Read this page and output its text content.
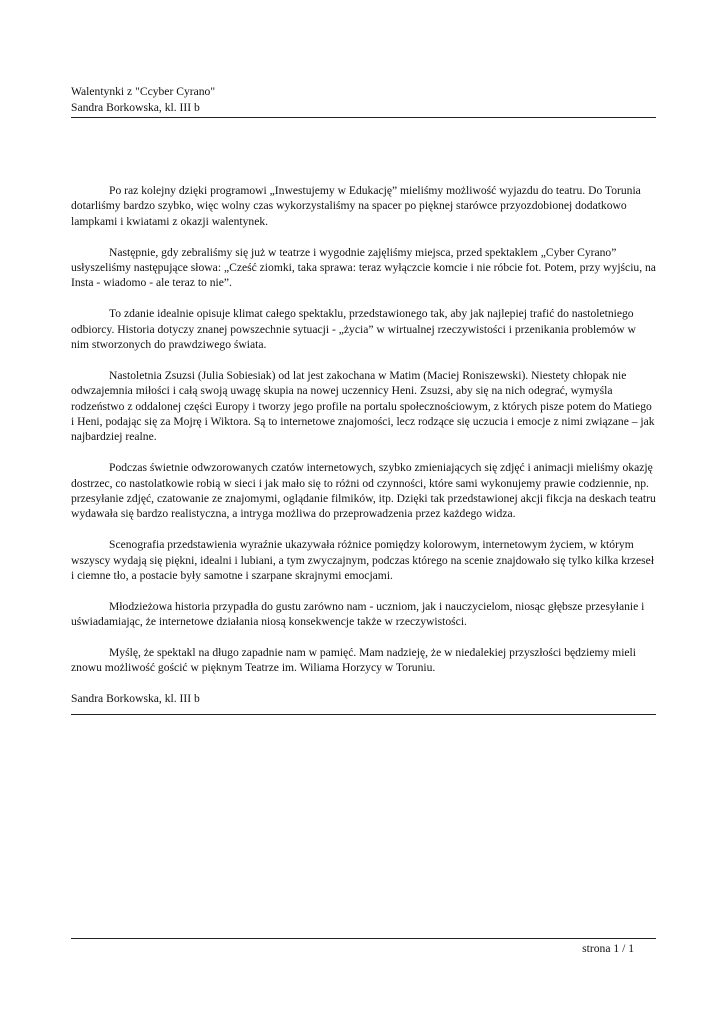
Walentynki z "Ccyber Cyrano"
Sandra Borkowska, kl. III b

Po raz kolejny dzięki programowi „Inwestujemy w Edukację” mieliśmy możliwość wyjazdu do teatru. Do Torunia dotarliśmy bardzo szybko, więc wolny czas wykorzystaliśmy na spacer po pięknej starówce przyozdobionej dodatkowo lampkami i kwiatami z okazji walentynek.

Następnie, gdy zebraliśmy się już w teatrze i wygodnie zajęliśmy miejsca, przed spektaklem „Cyber Cyrano” usłyszeliśmy następujące słowa: „Cześć ziomki, taka sprawa: teraz wyłączcie komcie i nie róbcie fot. Potem, przy wyjściu, na Insta - wiadomo - ale teraz to nie”.

To zdanie idealnie opisuje klimat całego spektaklu, przedstawionego tak, aby jak najlepiej trafić do nastoletniego odbiorcy. Historia dotyczy znanej powszechnie sytuacji - „życia” w wirtualnej rzeczywistości i przenikania problemów w nim stworzonych do prawdziwego świata.

Nastoletnia Zsuzsi (Julia Sobiesiak) od lat jest zakochana w Matim (Maciej Roniszewski). Niestety chłopak nie odwzajemnia miłości i całą swoją uwagę skupia na nowej uczennicy Heni. Zsuzsi, aby się na nich odegrać, wymyśla rodzeństwo z oddalonej części Europy i tworzy jego profile na portalu społecznościowym, z których pisze potem do Matiego i Heni, podając się za Mojrę i Wiktora. Są to internetowe znajomości, lecz rodzące się uczucia i emocje z nimi związane – jak najbardziej realne.

Podczas świetnie odwzorowanych czatów internetowych, szybko zmieniających się zdjęć i animacji mieliśmy okazję dostrzec, co nastolatkowie robią w sieci i jak mało się to różni od czynności, które sami wykonujemy prawie codziennie, np. przesyłanie zdjęć, czatowanie ze znajomymi, oglądanie filmików, itp. Dzięki tak przedstawionej akcji fikcja na deskach teatru wydawała się bardzo realistyczna, a intryga możliwa do przeprowadzenia przez każdego widza.

Scenografia przedstawienia wyraźnie ukazywała różnice pomiędzy kolorowym, internetowym życiem, w którym wszyscy wydają się piękni, idealni i lubiani, a tym zwyczajnym, podczas którego na scenie znajdowało się tylko kilka krzeseł i ciemne tło, a postacie były samotne i szarpane skrajnymi emocjami.

Młodzieżowa historia przypadła do gustu zarówno nam - uczniom, jak i nauczycielom, niosąc głębsze przesyłanie i uświadamiając, że internetowe działania niosą konsekwencje także w rzeczywistości.

Myślę, że spektakl na długo zapadnie nam w pamięć. Mam nadzieję, że w niedalekiej przyszłości będziemy mieli znowu możliwość gościć w pięknym Teatrze im. Wiliama Horzycy w Toruniu.

Sandra Borkowska, kl. III b
strona 1 / 1
